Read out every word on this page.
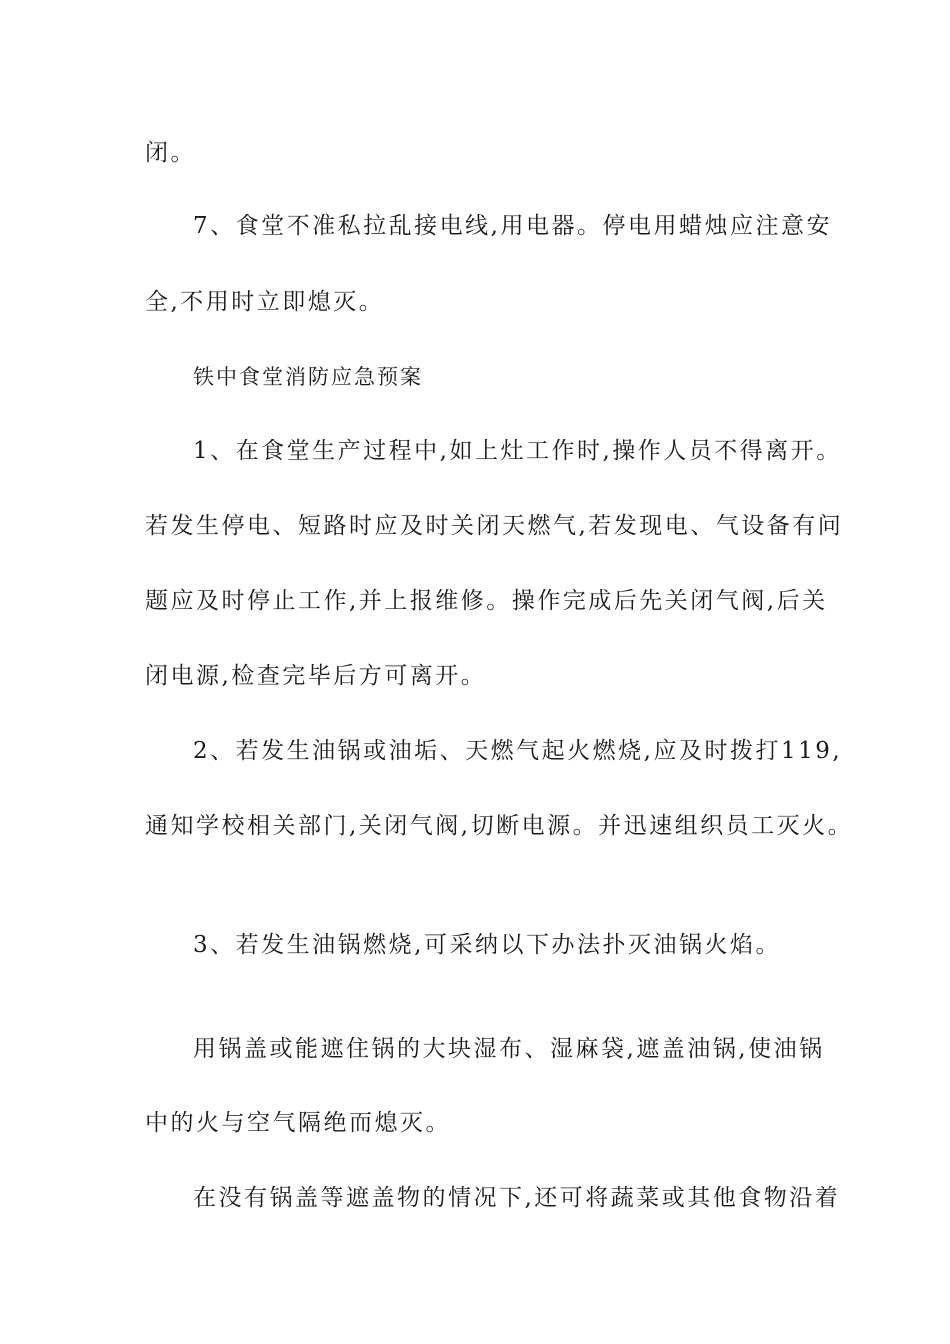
闭。

7、食堂不准私拉乱接电线,用电器。停电用蜡烛应注意安

全,不用时立即熄灭。

铁中食堂消防应急预案

1、在食堂生产过程中,如上灶工作时,操作人员不得离开。

若发生停电、短路时应及时关闭天燃气,若发现电、气设备有问

题应及时停止工作,并上报维修。操作完成后先关闭气阀,后关

闭电源,检查完毕后方可离开。

2、若发生油锅或油垢、天燃气起火燃烧,应及时拨打119,

通知学校相关部门,关闭气阀,切断电源。并迅速组织员工灭火。

3、若发生油锅燃烧,可采纳以下办法扑灭油锅火焰。

用锅盖或能遮住锅的大块湿布、湿麻袋,遮盖油锅,使油锅

中的火与空气隔绝而熄灭。

在没有锅盖等遮盖物的情况下,还可将蔬菜或其他食物沿着
